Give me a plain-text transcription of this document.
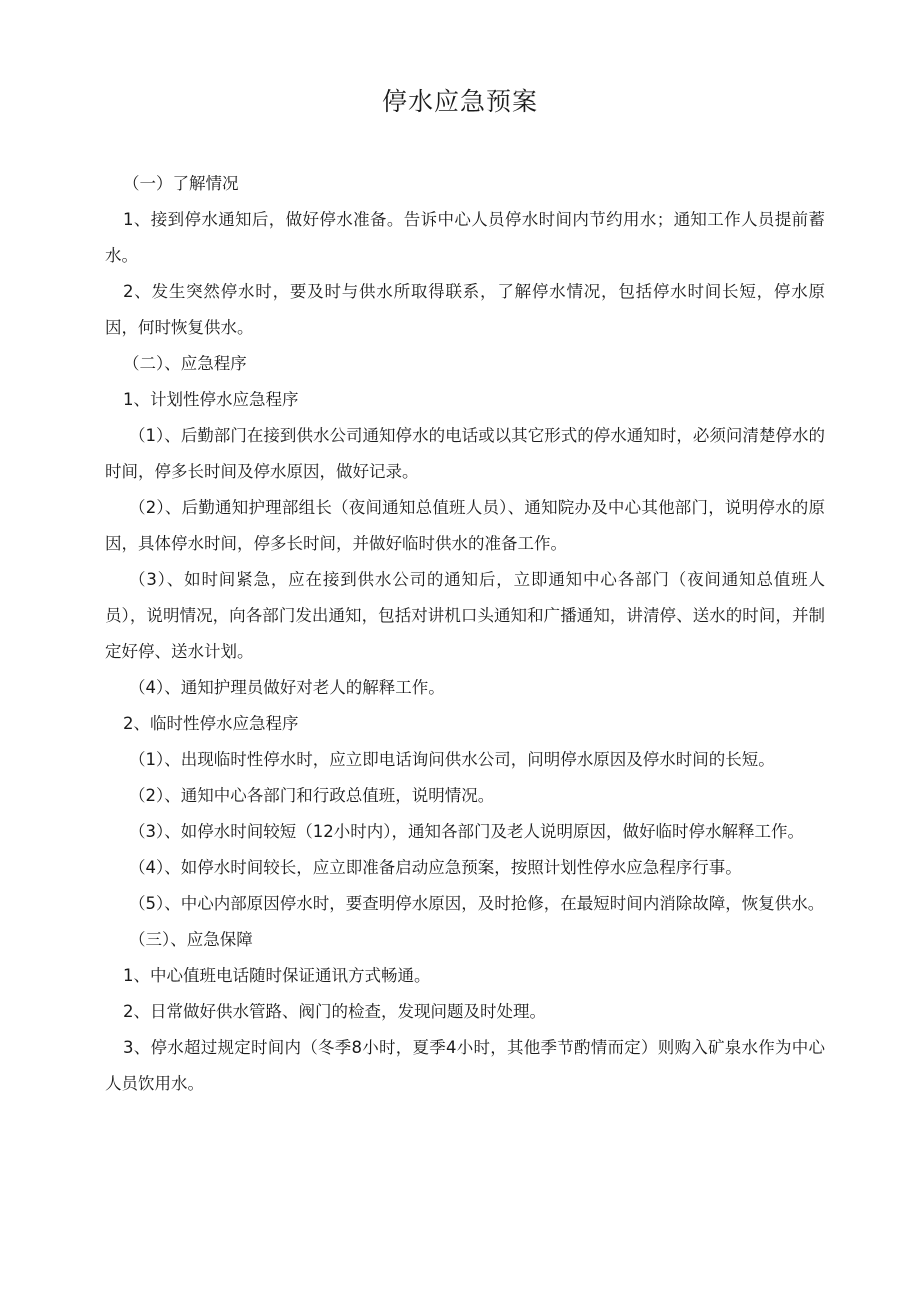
停水应急预案

（一）了解情况

1、接到停水通知后，做好停水准备。告诉中心人员停水时间内节约用水；通知工作人员提前蓄水。

2、发生突然停水时，要及时与供水所取得联系，了解停水情况，包括停水时间长短，停水原因，何时恢复供水。

（二）、应急程序

1、计划性停水应急程序

（1）、后勤部门在接到供水公司通知停水的电话或以其它形式的停水通知时，必须问清楚停水的时间，停多长时间及停水原因，做好记录。

（2）、后勤通知护理部组长（夜间通知总值班人员）、通知院办及中心其他部门，说明停水的原因，具体停水时间，停多长时间，并做好临时供水的准备工作。

（3）、如时间紧急，应在接到供水公司的通知后，立即通知中心各部门（夜间通知总值班人员），说明情况，向各部门发出通知，包括对讲机口头通知和广播通知，讲清停、送水的时间，并制定好停、送水计划。

（4）、通知护理员做好对老人的解释工作。

2、临时性停水应急程序

（1）、出现临时性停水时，应立即电话询问供水公司，问明停水原因及停水时间的长短。

（2）、通知中心各部门和行政总值班，说明情况。

（3）、如停水时间较短（12小时内），通知各部门及老人说明原因，做好临时停水解释工作。

（4）、如停水时间较长，应立即准备启动应急预案，按照计划性停水应急程序行事。

（5）、中心内部原因停水时，要查明停水原因，及时抢修，在最短时间内消除故障，恢复供水。

（三）、应急保障

1、中心值班电话随时保证通讯方式畅通。

2、日常做好供水管路、阀门的检查，发现问题及时处理。

3、停水超过规定时间内（冬季8小时，夏季4小时，其他季节酌情而定）则购入矿泉水作为中心人员饮用水。
